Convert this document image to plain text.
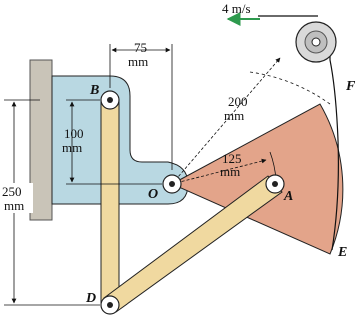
75
mm
100
mm
250
mm
200
mm
125
mm
B
O	A
D
E
F
4 m/s
